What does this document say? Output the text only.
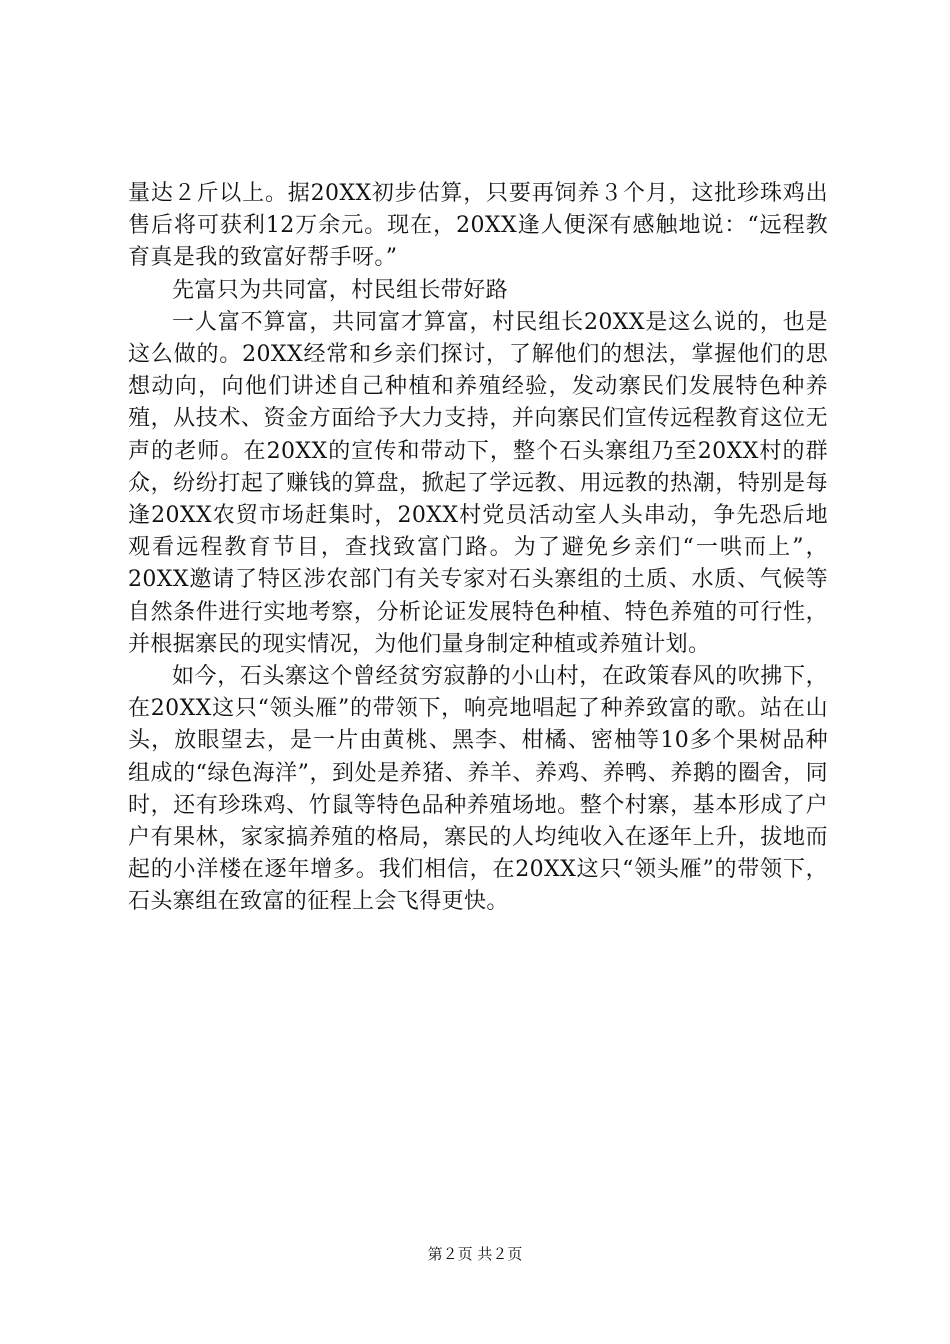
量达２斤以上。据20XX初步估算，只要再饲养３个月，这批珍珠鸡出售后将可获利12万余元。现在，20XX逢人便深有感触地说：“远程教育真是我的致富好帮手呀。”

先富只为共同富，村民组长带好路

一人富不算富，共同富才算富，村民组长20XX是这么说的，也是这么做的。20XX经常和乡亲们探讨，了解他们的想法，掌握他们的思想动向，向他们讲述自己种植和养殖经验，发动寨民们发展特色种养殖，从技术、资金方面给予大力支持，并向寨民们宣传远程教育这位无声的老师。在20XX的宣传和带动下，整个石头寨组乃至20XX村的群众，纷纷打起了赚钱的算盘，掀起了学远教、用远教的热潮，特别是每逢20XX农贸市场赶集时，20XX村党员活动室人头串动，争先恐后地观看远程教育节目，查找致富门路。为了避免乡亲们“一哄而上”，20XX邀请了特区涉农部门有关专家对石头寨组的土质、水质、气候等自然条件进行实地考察，分析论证发展特色种植、特色养殖的可行性，并根据寨民的现实情况，为他们量身制定种植或养殖计划。

如今，石头寨这个曾经贫穷寂静的小山村，在政策春风的吹拂下，在20XX这只“领头雁”的带领下，响亮地唱起了种养致富的歌。站在山头，放眼望去，是一片由黄桃、黑李、柑橘、密柚等10多个果树品种组成的“绿色海洋”，到处是养猪、养羊、养鸡、养鸭、养鹅的圈舍，同时，还有珍珠鸡、竹鼠等特色品种养殖场地。整个村寨，基本形成了户户有果林，家家搞养殖的格局，寨民的人均纯收入在逐年上升，拔地而起的小洋楼在逐年增多。我们相信，在20XX这只“领头雁”的带领下，石头寨组在致富的征程上会飞得更快。

第２页 共２页
